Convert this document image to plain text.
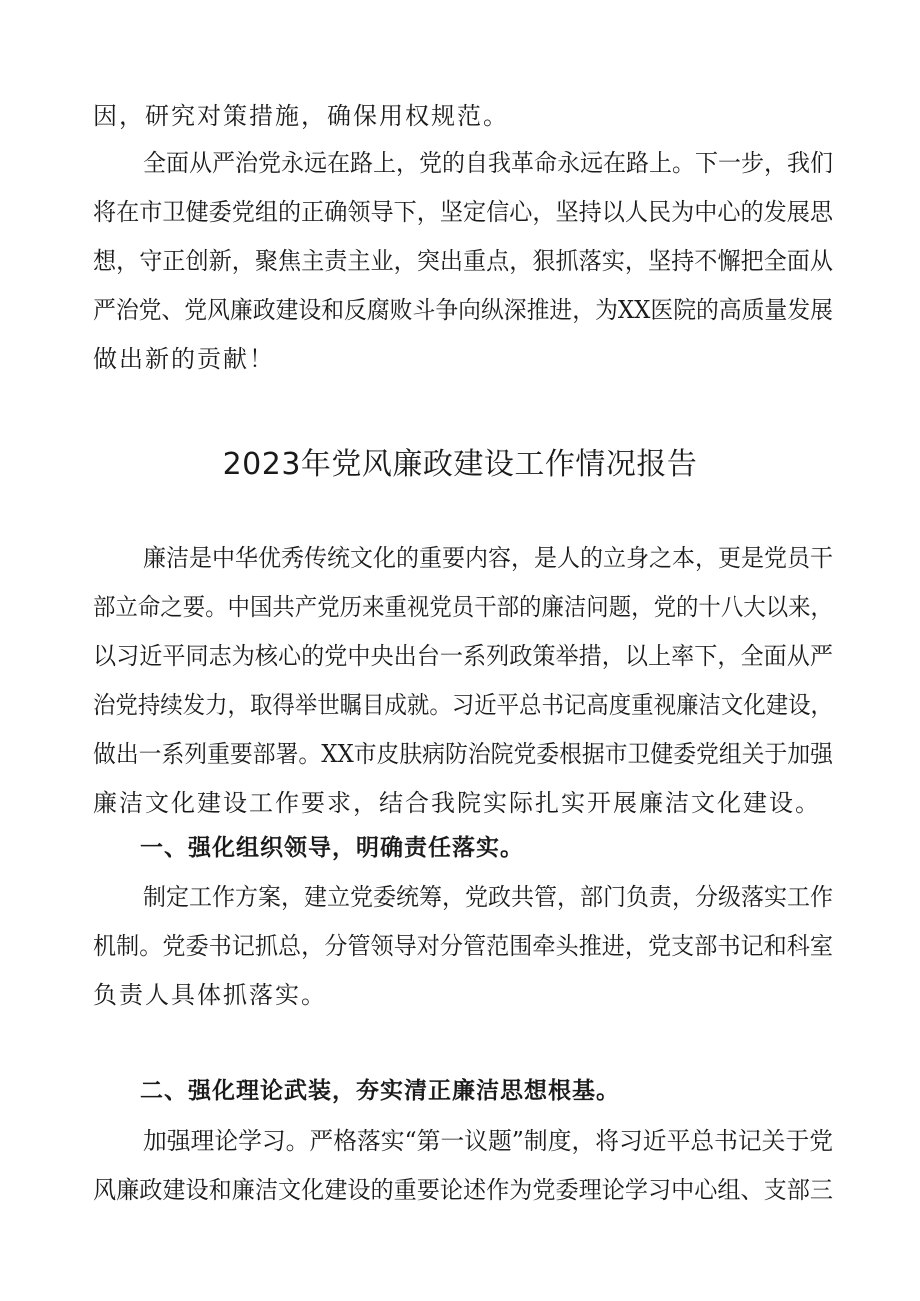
因，研究对策措施，确保用权规范。
全面从严治党永远在路上，党的自我革命永远在路上。下一步，我们
将在市卫健委党组的正确领导下，坚定信心，坚持以人民为中心的发展思
想，守正创新，聚焦主责主业，突出重点，狠抓落实，坚持不懈把全面从
严治党、党风廉政建设和反腐败斗争向纵深推进，为XX医院的高质量发展
做出新的贡献！
2023年党风廉政建设工作情况报告
廉洁是中华优秀传统文化的重要内容，是人的立身之本，更是党员干
部立命之要。中国共产党历来重视党员干部的廉洁问题，党的十八大以来，
以习近平同志为核心的党中央出台一系列政策举措，以上率下，全面从严
治党持续发力，取得举世瞩目成就。习近平总书记高度重视廉洁文化建设，
做出一系列重要部署。XX市皮肤病防治院党委根据市卫健委党组关于加强
廉洁文化建设工作要求，结合我院实际扎实开展廉洁文化建设。
一、强化组织领导，明确责任落实。
制定工作方案，建立党委统筹，党政共管，部门负责，分级落实工作
机制。党委书记抓总，分管领导对分管范围牵头推进，党支部书记和科室
负责人具体抓落实。
二、强化理论武装，夯实清正廉洁思想根基。
加强理论学习。严格落实“第一议题”制度，将习近平总书记关于党
风廉政建设和廉洁文化建设的重要论述作为党委理论学习中心组、支部三
